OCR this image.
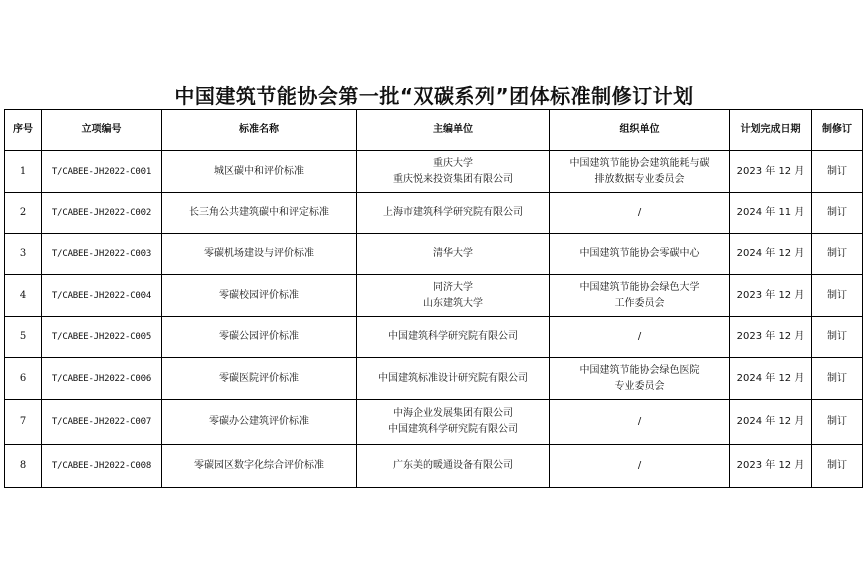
中国建筑节能协会第一批“双碳系列”团体标准制修订计划
序号	立项编号	标准名称	主编单位	组织单位	计划完成日期	制修订
1	T/CABEE-JH2022-C001	城区碳中和评价标准	重庆大学
重庆悦来投资集团有限公司	中国建筑节能协会建筑能耗与碳
排放数据专业委员会	2023 年 12 月	制订
2	T/CABEE-JH2022-C002	长三角公共建筑碳中和评定标准	上海市建筑科学研究院有限公司	/	2024 年 11 月	制订
3	T/CABEE-JH2022-C003	零碳机场建设与评价标准	清华大学	中国建筑节能协会零碳中心	2024 年 12 月	制订
4	T/CABEE-JH2022-C004	零碳校园评价标准	同济大学
山东建筑大学	中国建筑节能协会绿色大学
工作委员会	2023 年 12 月	制订
5	T/CABEE-JH2022-C005	零碳公园评价标准	中国建筑科学研究院有限公司	/	2023 年 12 月	制订
6	T/CABEE-JH2022-C006	零碳医院评价标准	中国建筑标准设计研究院有限公司	中国建筑节能协会绿色医院
专业委员会	2024 年 12 月	制订
7	T/CABEE-JH2022-C007	零碳办公建筑评价标准	中海企业发展集团有限公司
中国建筑科学研究院有限公司	/	2024 年 12 月	制订
8	T/CABEE-JH2022-C008	零碳园区数字化综合评价标准	广东美的暖通设备有限公司	/	2023 年 12 月	制订
